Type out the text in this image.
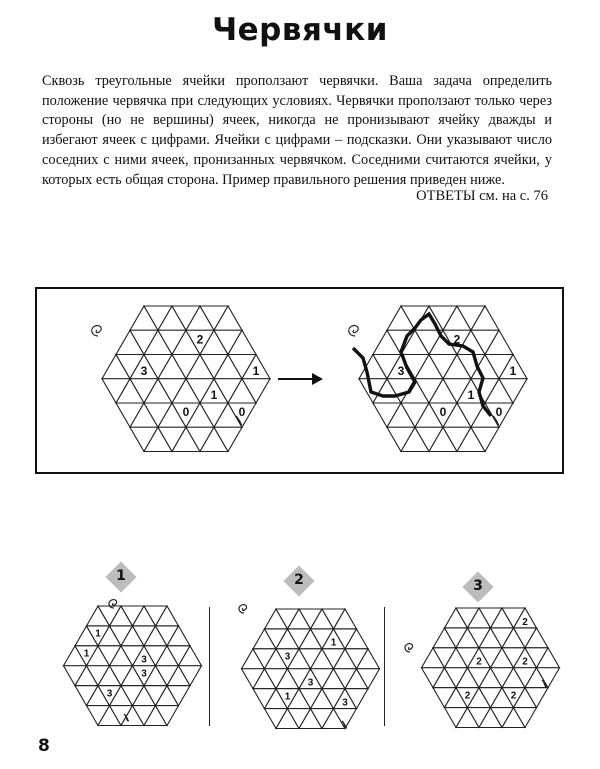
Червячки

Сквозь треугольные ячейки проползают червячки. Ваша задача определить положение червячка при следующих условиях. Червячки проползают только через стороны (но не вершины) ячеек, никогда не пронизывают ячейку дважды и избегают ячеек с цифрами. Ячейки с цифрами – подсказки. Они указывают число соседних с ними ячеек, пронизанных червячком. Соседними считаются ячейки, у которых есть общая сторона. Пример правильного решения приведен ниже.

ОТВЕТЫ см. на с. 76
2
3	1
1
0	0
2
3	1
1
0	0
1	2	3
1
1
3
3
3
1
3
3
1
3
2
2	2
2	2
8
